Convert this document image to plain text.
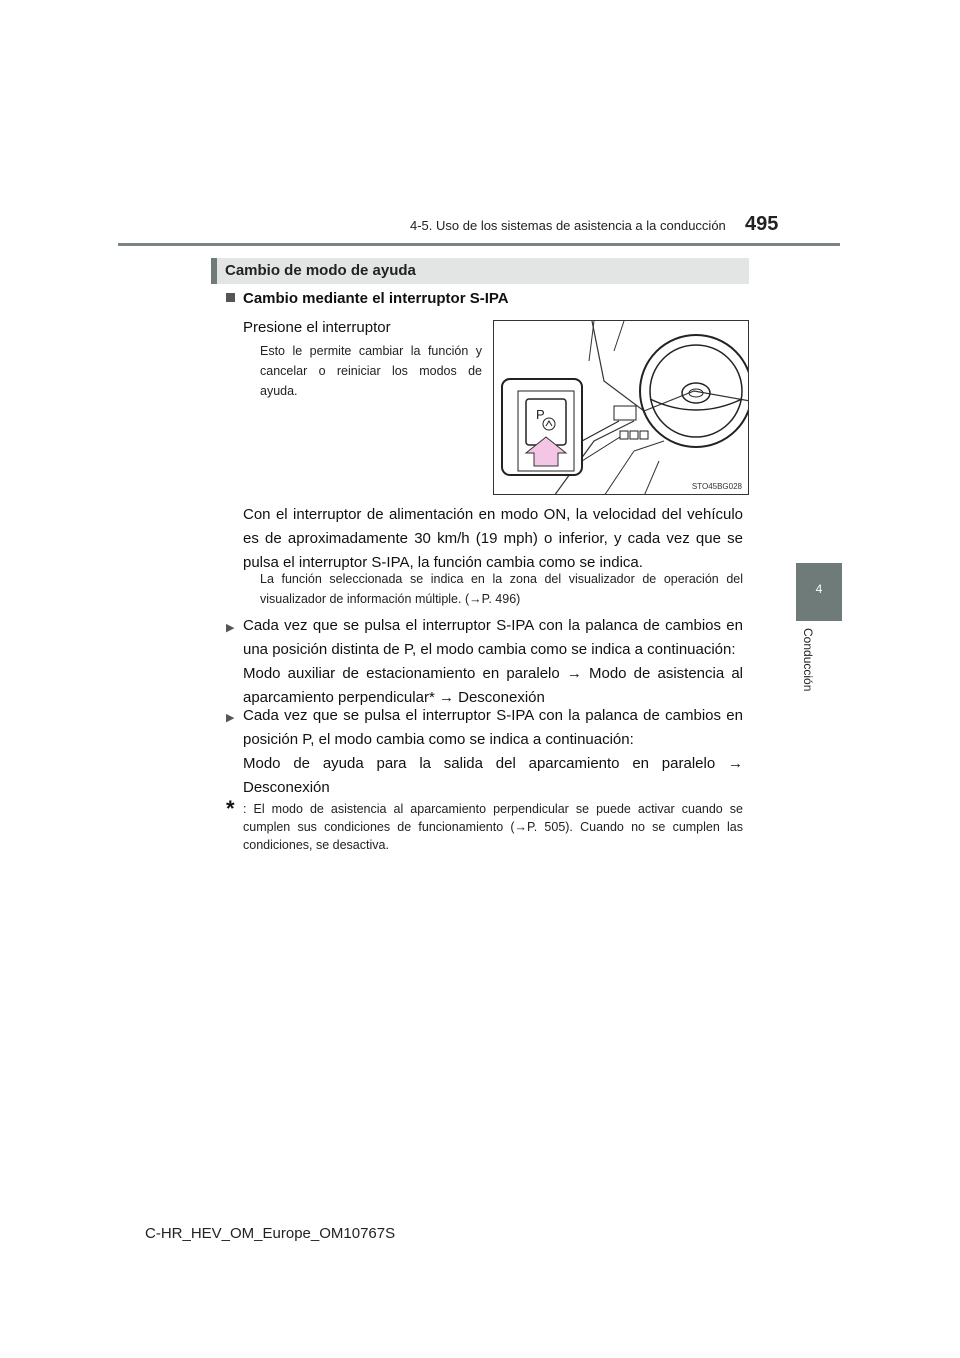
4-5. Uso de los sistemas de asistencia a la conducción 495
4
Conducción
Cambio de modo de ayuda
Cambio mediante el interruptor S-IPA
Presione el interruptor
Esto le permite cambiar la función y cancelar o reiniciar los modos de ayuda.
P
STO45BG028
Con el interruptor de alimentación en modo ON, la velocidad del vehículo es de aproximadamente 30 km/h (19 mph) o inferior, y cada vez que se pulsa el interruptor S-IPA, la función cambia como se indica.
La función seleccionada se indica en la zona del visualizador de operación del visualizador de información múltiple. (→P. 496)
▶ Cada vez que se pulsa el interruptor S-IPA con la palanca de cambios en una posición distinta de P, el modo cambia como se indica a continuación:
Modo auxiliar de estacionamiento en paralelo → Modo de asistencia al aparcamiento perpendicular* → Desconexión
▶ Cada vez que se pulsa el interruptor S-IPA con la palanca de cambios en posición P, el modo cambia como se indica a continuación:
Modo de ayuda para la salida del aparcamiento en paralelo → Desconexión
* : El modo de asistencia al aparcamiento perpendicular se puede activar cuando se cumplen sus condiciones de funcionamiento (→P. 505). Cuando no se cumplen las condiciones, se desactiva.
C-HR_HEV_OM_Europe_OM10767S
